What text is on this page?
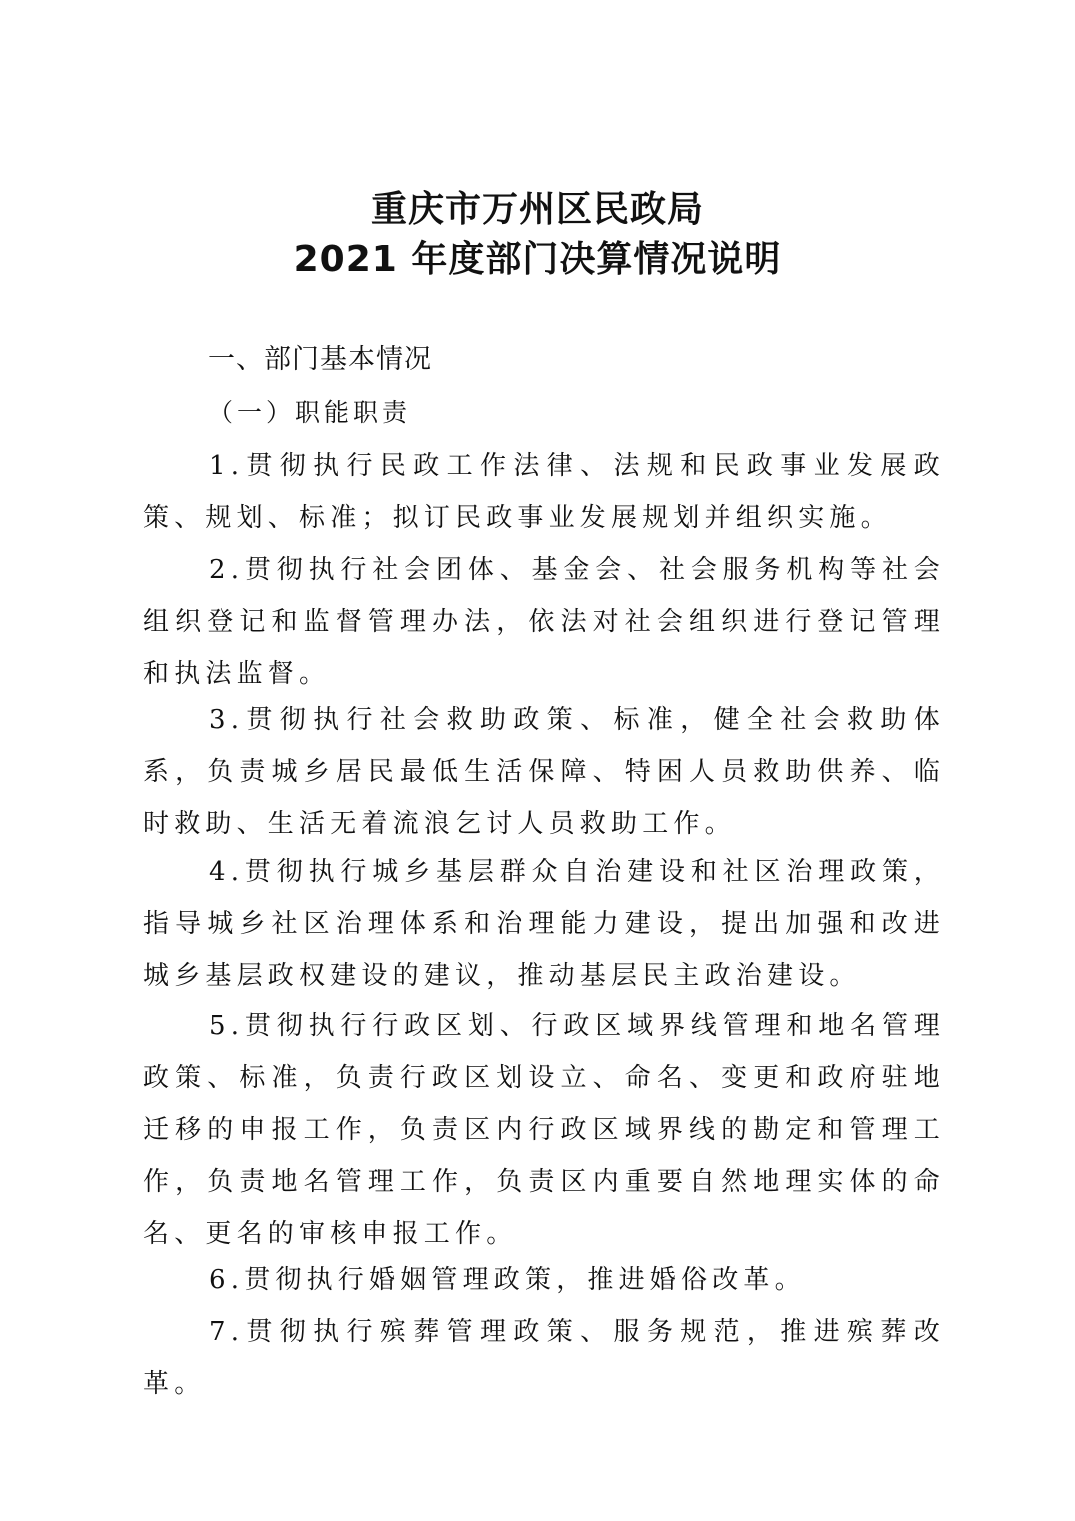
重庆市万州区民政局
2021 年度部门决算情况说明
一、部门基本情况
（一）职能职责

1.贯彻执行民政工作法律、法规和民政事业发展政策、规划、标准；拟订民政事业发展规划并组织实施。

2.贯彻执行社会团体、基金会、社会服务机构等社会组织登记和监督管理办法，依法对社会组织进行登记管理和执法监督。

3.贯彻执行社会救助政策、标准，健全社会救助体系，负责城乡居民最低生活保障、特困人员救助供养、临时救助、生活无着流浪乞讨人员救助工作。

4.贯彻执行城乡基层群众自治建设和社区治理政策，指导城乡社区治理体系和治理能力建设，提出加强和改进城乡基层政权建设的建议，推动基层民主政治建设。

5.贯彻执行行政区划、行政区域界线管理和地名管理政策、标准，负责行政区划设立、命名、变更和政府驻地迁移的申报工作，负责区内行政区域界线的勘定和管理工作，负责地名管理工作，负责区内重要自然地理实体的命名、更名的审核申报工作。

6.贯彻执行婚姻管理政策，推进婚俗改革。

7.贯彻执行殡葬管理政策、服务规范，推进殡葬改革。
